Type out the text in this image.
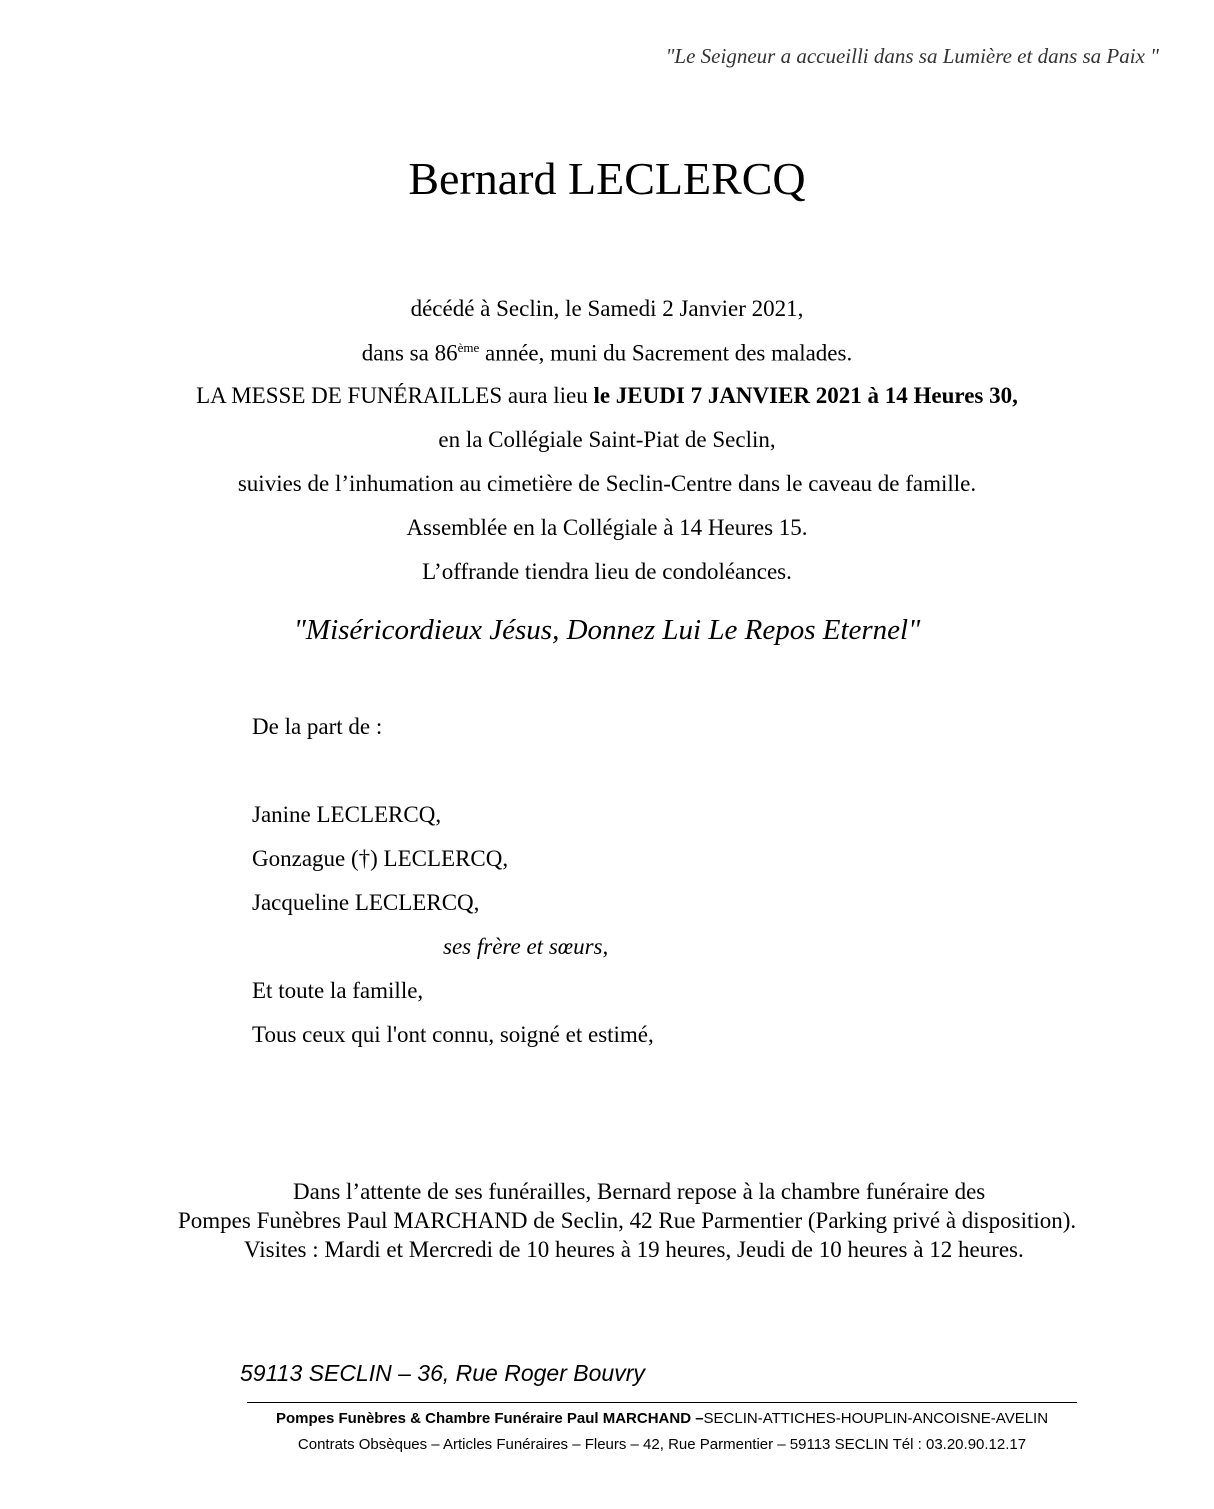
"Le Seigneur a accueilli dans sa Lumière et dans sa Paix "
Bernard LECLERCQ
décédé à Seclin, le Samedi 2 Janvier 2021,
dans sa 86ème année, muni du Sacrement des malades.
LA MESSE DE FUNÉRAILLES aura lieu le JEUDI 7 JANVIER 2021 à 14 Heures 30,
en la Collégiale Saint-Piat de Seclin,
suivies de l’inhumation au cimetière de Seclin-Centre dans le caveau de famille.
Assemblée en la Collégiale à 14 Heures 15.
L’offrande tiendra lieu de condoléances.
"Miséricordieux Jésus, Donnez Lui Le Repos Eternel"
De la part de :
Janine LECLERCQ,
Gonzague (†) LECLERCQ,
Jacqueline LECLERCQ,
ses frère et sœurs,
Et toute la famille,
Tous ceux qui l'ont connu, soigné et estimé,
Dans l’attente de ses funérailles, Bernard repose à la chambre funéraire des
Pompes Funèbres Paul MARCHAND de Seclin, 42 Rue Parmentier (Parking privé à disposition).
Visites : Mardi et Mercredi de 10 heures à 19 heures, Jeudi de 10 heures à 12 heures.
59113 SECLIN – 36, Rue Roger Bouvry
Pompes Funèbres & Chambre Funéraire Paul MARCHAND –SECLIN-ATTICHES-HOUPLIN-ANCOISNE-AVELIN
Contrats Obsèques – Articles Funéraires – Fleurs – 42, Rue Parmentier – 59113 SECLIN Tél : 03.20.90.12.17
